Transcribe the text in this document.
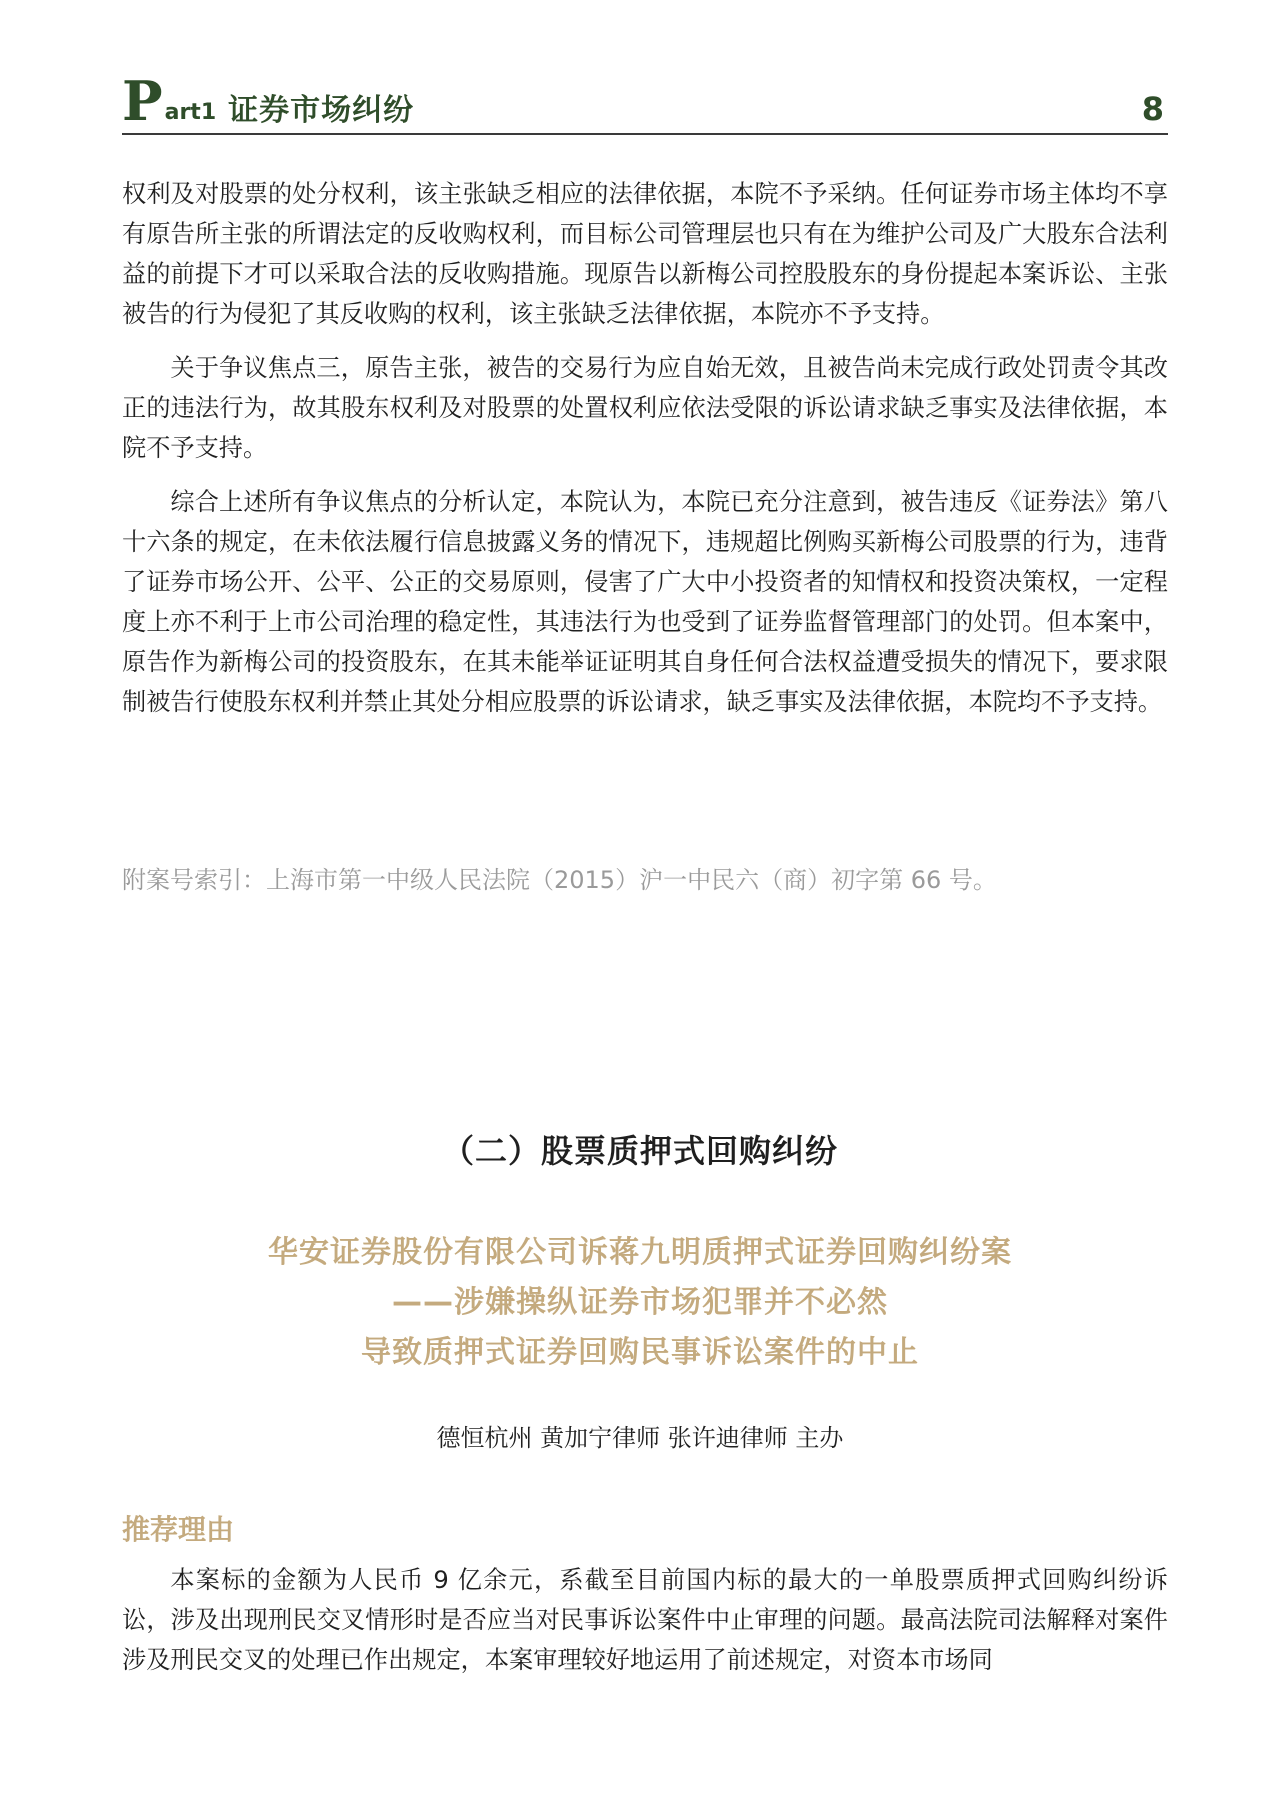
P art1 证券市场纠纷	8

权利及对股票的处分权利，该主张缺乏相应的法律依据，本院不予采纳。任何证券市场主体均不享有原告所主张的所谓法定的反收购权利，而目标公司管理层也只有在为维护公司及广大股东合法利益的前提下才可以采取合法的反收购措施。现原告以新梅公司控股股东的身份提起本案诉讼、主张被告的行为侵犯了其反收购的权利，该主张缺乏法律依据，本院亦不予支持。

关于争议焦点三，原告主张，被告的交易行为应自始无效，且被告尚未完成行政处罚责令其改正的违法行为，故其股东权利及对股票的处置权利应依法受限的诉讼请求缺乏事实及法律依据，本院不予支持。

综合上述所有争议焦点的分析认定，本院认为，本院已充分注意到，被告违反《证券法》第八十六条的规定，在未依法履行信息披露义务的情况下，违规超比例购买新梅公司股票的行为，违背了证券市场公开、公平、公正的交易原则，侵害了广大中小投资者的知情权和投资决策权，一定程度上亦不利于上市公司治理的稳定性，其违法行为也受到了证券监督管理部门的处罚。但本案中，原告作为新梅公司的投资股东，在其未能举证证明其自身任何合法权益遭受损失的情况下，要求限制被告行使股东权利并禁止其处分相应股票的诉讼请求，缺乏事实及法律依据，本院均不予支持。

附案号索引：上海市第一中级人民法院（2015）沪一中民六（商）初字第 66 号。
（二）股票质押式回购纠纷
华安证券股份有限公司诉蒋九明质押式证券回购纠纷案
——涉嫌操纵证券市场犯罪并不必然
导致质押式证券回购民事诉讼案件的中止
德恒杭州 黄加宁律师 张许迪律师 主办
推荐理由

本案标的金额为人民币 9 亿余元，系截至目前国内标的最大的一单股票质押式回购纠纷诉讼，涉及出现刑民交叉情形时是否应当对民事诉讼案件中止审理的问题。最高法院司法解释对案件涉及刑民交叉的处理已作出规定，本案审理较好地运用了前述规定，对资本市场同
